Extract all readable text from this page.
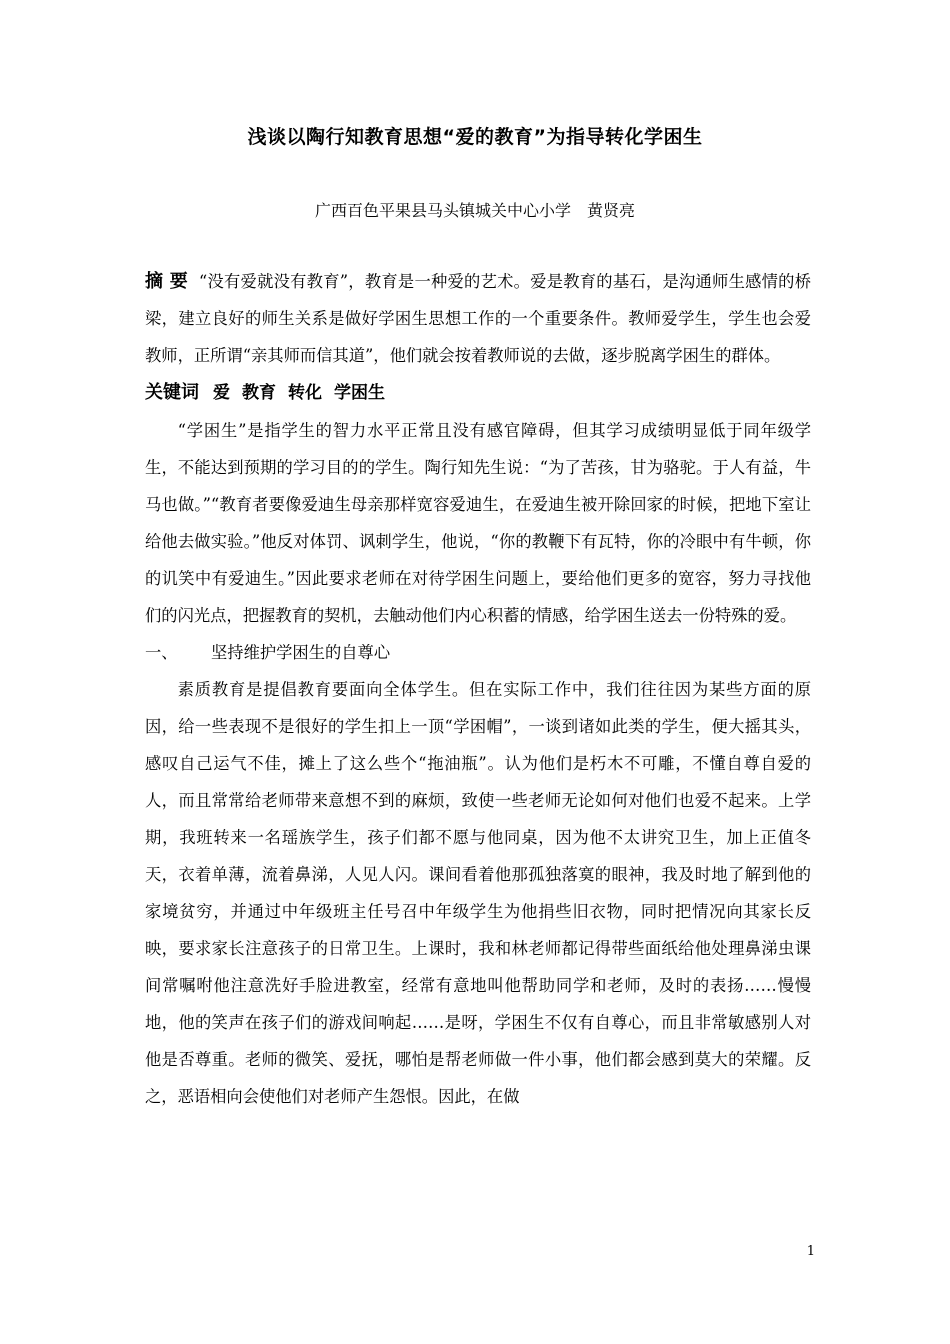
浅谈以陶行知教育思想“爱的教育”为指导转化学困生
广西百色平果县马头镇城关中心小学　黄贤亮

摘 要 “没有爱就没有教育”，教育是一种爱的艺术。爱是教育的基石，是沟通师生感情的桥梁，建立良好的师生关系是做好学困生思想工作的一个重要条件。教师爱学生，学生也会爱教师，正所谓“亲其师而信其道”，他们就会按着教师说的去做，逐步脱离学困生的群体。

关键词 爱 教育 转化 学困生

“学困生”是指学生的智力水平正常且没有感官障碍，但其学习成绩明显低于同年级学生，不能达到预期的学习目的的学生。陶行知先生说：“为了苦孩，甘为骆驼。于人有益，牛马也做。”“教育者要像爱迪生母亲那样宽容爱迪生，在爱迪生被开除回家的时候，把地下室让给他去做实验。”他反对体罚、讽刺学生，他说，“你的教鞭下有瓦特，你的冷眼中有牛顿，你的讥笑中有爱迪生。”因此要求老师在对待学困生问题上，要给他们更多的宽容，努力寻找他们的闪光点，把握教育的契机，去触动他们内心积蓄的情感，给学困生送去一份特殊的爱。

一、	坚持维护学困生的自尊心

素质教育是提倡教育要面向全体学生。但在实际工作中，我们往往因为某些方面的原因，给一些表现不是很好的学生扣上一顶“学困帽”，一谈到诸如此类的学生，便大摇其头，感叹自己运气不佳，摊上了这么些个“拖油瓶”。认为他们是朽木不可雕，不懂自尊自爱的人，而且常常给老师带来意想不到的麻烦，致使一些老师无论如何对他们也爱不起来。上学期，我班转来一名瑶族学生，孩子们都不愿与他同桌，因为他不太讲究卫生，加上正值冬天，衣着单薄，流着鼻涕，人见人闪。课间看着他那孤独落寞的眼神，我及时地了解到他的家境贫穷，并通过中年级班主任号召中年级学生为他捐些旧衣物，同时把情况向其家长反映，要求家长注意孩子的日常卫生。上课时，我和林老师都记得带些面纸给他处理鼻涕虫课间常嘱咐他注意洗好手脸进教室，经常有意地叫他帮助同学和老师，及时的表扬……慢慢地，他的笑声在孩子们的游戏间响起……是呀，学困生不仅有自尊心，而且非常敏感别人对他是否尊重。老师的微笑、爱抚，哪怕是帮老师做一件小事，他们都会感到莫大的荣耀。反之，恶语相向会使他们对老师产生怨恨。因此，在做

1
